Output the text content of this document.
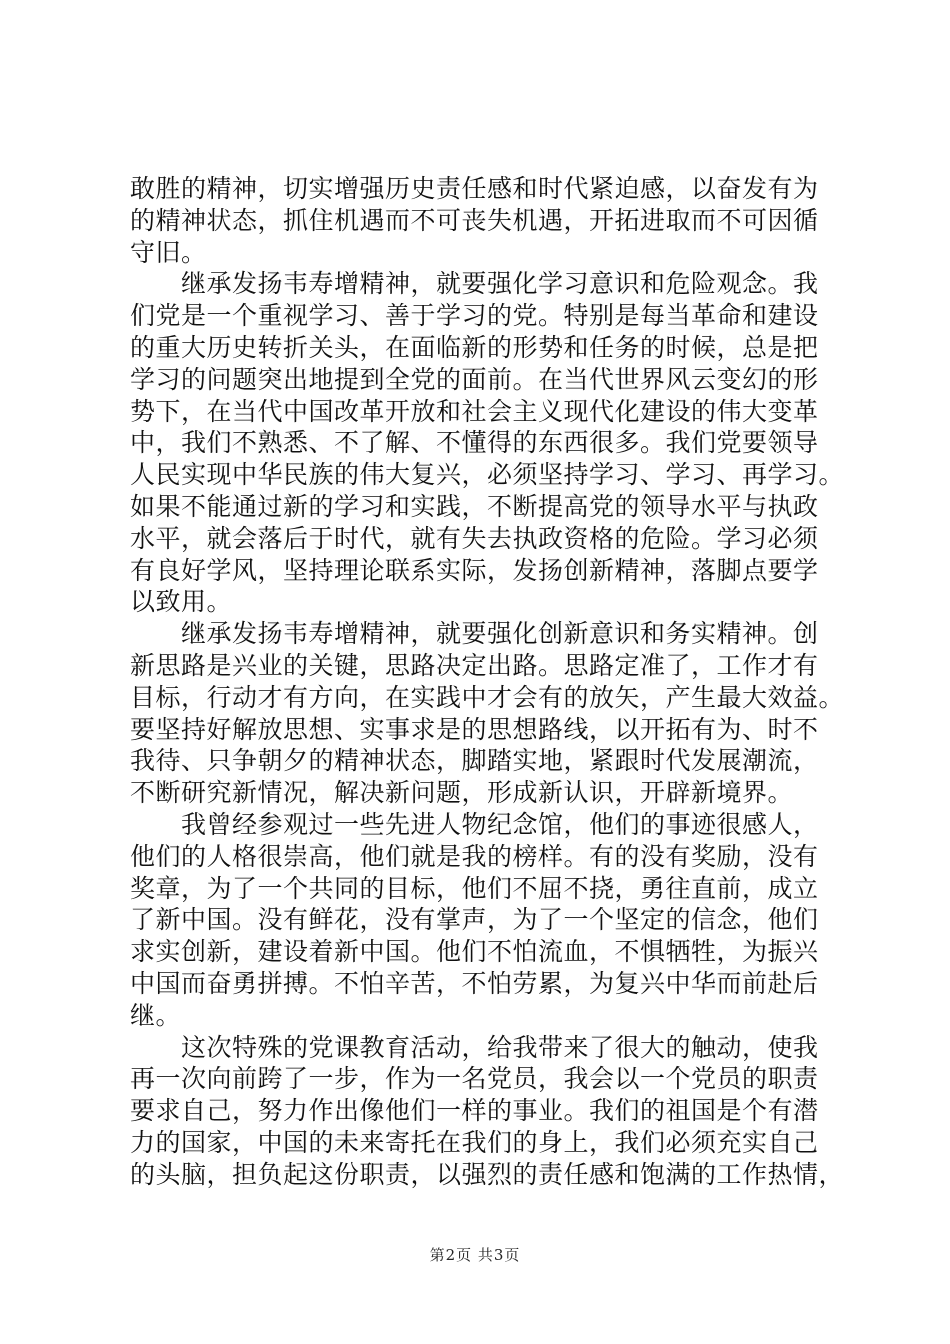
敢胜的精神，切实增强历史责任感和时代紧迫感，以奋发有为
的精神状态，抓住机遇而不可丧失机遇，开拓进取而不可因循
守旧。
　　继承发扬韦寿增精神，就要强化学习意识和危险观念。我
们党是一个重视学习、善于学习的党。特别是每当革命和建设
的重大历史转折关头，在面临新的形势和任务的时候，总是把
学习的问题突出地提到全党的面前。在当代世界风云变幻的形
势下，在当代中国改革开放和社会主义现代化建设的伟大变革
中，我们不熟悉、不了解、不懂得的东西很多。我们党要领导
人民实现中华民族的伟大复兴，必须坚持学习、学习、再学习。
如果不能通过新的学习和实践，不断提高党的领导水平与执政
水平，就会落后于时代，就有失去执政资格的危险。学习必须
有良好学风，坚持理论联系实际，发扬创新精神，落脚点要学
以致用。
　　继承发扬韦寿增精神，就要强化创新意识和务实精神。创
新思路是兴业的关键，思路决定出路。思路定准了，工作才有
目标，行动才有方向，在实践中才会有的放矢，产生最大效益。
要坚持好解放思想、实事求是的思想路线，以开拓有为、时不
我待、只争朝夕的精神状态，脚踏实地，紧跟时代发展潮流，
不断研究新情况，解决新问题，形成新认识，开辟新境界。
　　我曾经参观过一些先进人物纪念馆，他们的事迹很感人，
他们的人格很崇高，他们就是我的榜样。有的没有奖励，没有
奖章，为了一个共同的目标，他们不屈不挠，勇往直前，成立
了新中国。没有鲜花，没有掌声，为了一个坚定的信念，他们
求实创新，建设着新中国。他们不怕流血，不惧牺牲，为振兴
中国而奋勇拼搏。不怕辛苦，不怕劳累，为复兴中华而前赴后
继。
　　这次特殊的党课教育活动，给我带来了很大的触动，使我
再一次向前跨了一步，作为一名党员，我会以一个党员的职责
要求自己，努力作出像他们一样的事业。我们的祖国是个有潜
力的国家，中国的未来寄托在我们的身上，我们必须充实自己
的头脑，担负起这份职责，以强烈的责任感和饱满的工作热情，
第2页 共3页
